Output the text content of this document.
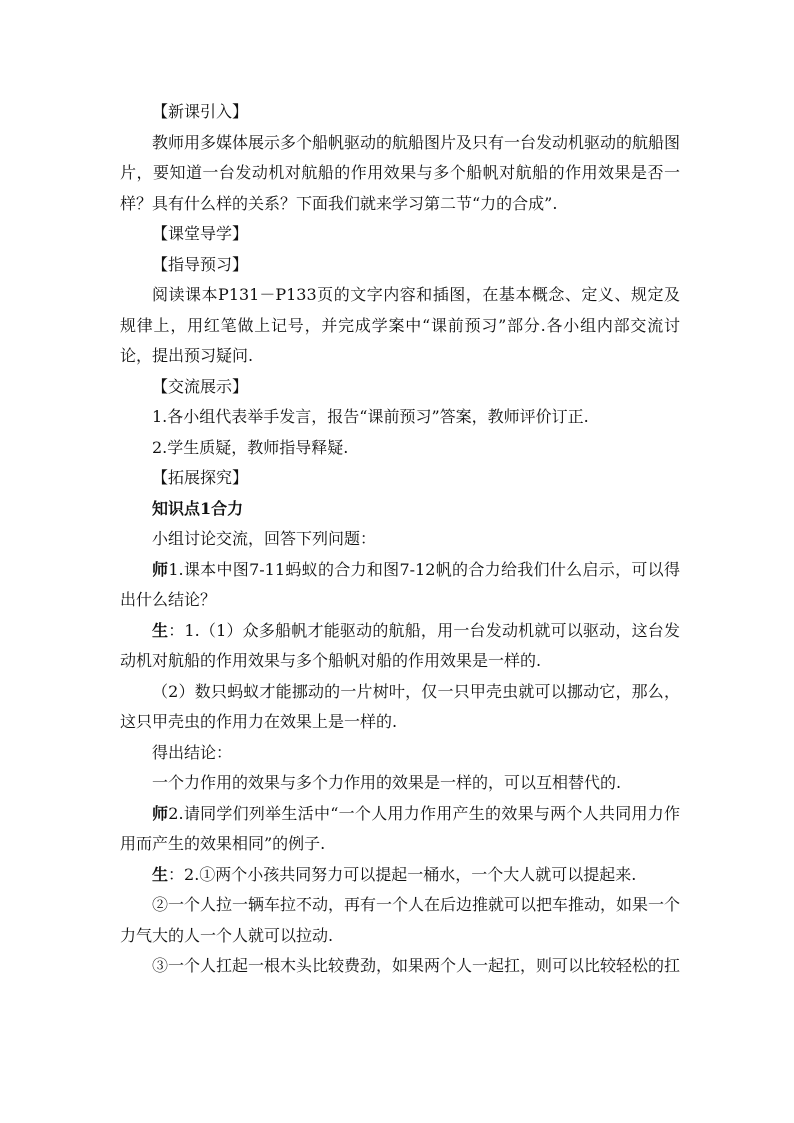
【新课引入】

教师用多媒体展示多个船帆驱动的航船图片及只有一台发动机驱动的航船图片，要知道一台发动机对航船的作用效果与多个船帆对航船的作用效果是否一样？具有什么样的关系？下面我们就来学习第二节“力的合成”.

【课堂导学】

【指导预习】

阅读课本P131－P133页的文字内容和插图，在基本概念、定义、规定及规律上，用红笔做上记号，并完成学案中“课前预习”部分.各小组内部交流讨论，提出预习疑问.

【交流展示】

1.各小组代表举手发言，报告“课前预习”答案，教师评价订正.

2.学生质疑，教师指导释疑.

【拓展探究】

知识点1合力

小组讨论交流，回答下列问题：

师1.课本中图7-11蚂蚁的合力和图7-12帆的合力给我们什么启示，可以得出什么结论？

生：1.（1）众多船帆才能驱动的航船，用一台发动机就可以驱动，这台发动机对航船的作用效果与多个船帆对船的作用效果是一样的.

（2）数只蚂蚁才能挪动的一片树叶，仅一只甲壳虫就可以挪动它，那么，这只甲壳虫的作用力在效果上是一样的.

得出结论：

一个力作用的效果与多个力作用的效果是一样的，可以互相替代的.

师2.请同学们列举生活中“一个人用力作用产生的效果与两个人共同用力作用而产生的效果相同”的例子.

生：2.①两个小孩共同努力可以提起一桶水，一个大人就可以提起来.

②一个人拉一辆车拉不动，再有一个人在后边推就可以把车推动，如果一个力气大的人一个人就可以拉动.

③一个人扛起一根木头比较费劲，如果两个人一起扛，则可以比较轻松的扛
